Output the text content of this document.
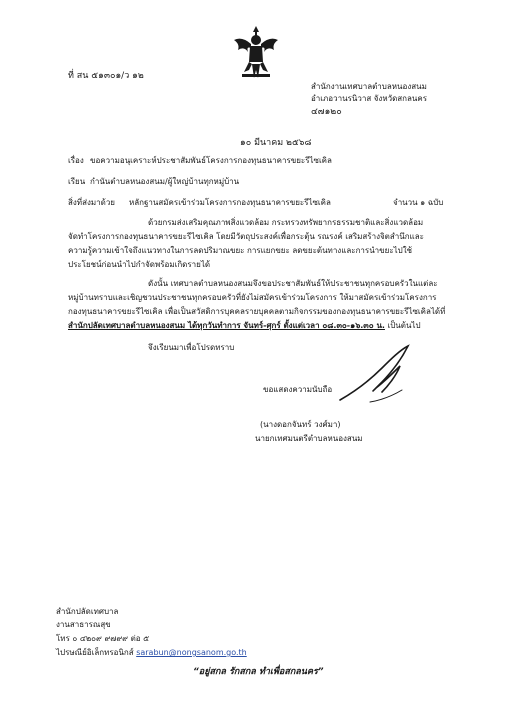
ที่ สน ๕๑๓๐๑/ว ๑๒
สำนักงานเทศบาลตำบลหนองสนม
อำเภอวานรนิวาส จังหวัดสกลนคร
๔๗๑๒๐
๑๐ มีนาคม ๒๕๖๘
เรื่อง ขอความอนุเคราะห์ประชาสัมพันธ์โครงการกองทุนธนาคารขยะรีไซเคิล
เรียน กำนันตำบลหนองสนม/ผู้ใหญ่บ้านทุกหมู่บ้าน
สิ่งที่ส่งมาด้วย หลักฐานสมัครเข้าร่วมโครงการกองทุนธนาคารขยะรีไซเคิล	จำนวน ๑ ฉบับ
ด้วยกรมส่งเสริมคุณภาพสิ่งแวดล้อม กระทรวงทรัพยากรธรรมชาติและสิ่งแวดล้อม
จัดทำโครงการกองทุนธนาคารขยะรีไซเคิล โดยมีวัตถุประสงค์เพื่อกระตุ้น รณรงค์ เสริมสร้างจิตสำนึกและ
ความรู้ความเข้าใจถึงแนวทางในการลดปริมาณขยะ การแยกขยะ ลดขยะต้นทางและการนำขยะไปใช้
ประโยชน์ก่อนนำไปกำจัดพร้อมเกิดรายได้
ดังนั้น เทศบาลตำบลหนองสนมจึงขอประชาสัมพันธ์ให้ประชาชนทุกครอบครัวในแต่ละ
หมู่บ้านทราบและเชิญชวนประชาชนทุกครอบครัวที่ยังไม่สมัครเข้าร่วมโครงการ ให้มาสมัครเข้าร่วมโครงการ
กองทุนธนาคารขยะรีไซเคิล เพื่อเป็นสวัสดิการบุคคลรายบุคคลตามกิจกรรมของกองทุนธนาคารขยะรีไซเคิลได้ที่
สำนักปลัดเทศบาลตำบลหนองสนม ได้ทุกวันทำการ จันทร์-ศุกร์ ตั้งแต่เวลา ๐๘.๓๐-๑๖.๓๐ น. เป็นต้นไป
จึงเรียนมาเพื่อโปรดทราบ
ขอแสดงความนับถือ
(นางดอกจันทร์ วงศ์มา)
นายกเทศมนตรีตำบลหนองสนม
สำนักปลัดเทศบาล
งานสาธารณสุข
โทร ๐ ๔๒๐๙ ๙๗๙๙ ต่อ ๕
ไปรษณีย์อิเล็กทรอนิกส์ sarabun@nongsanom.go.th
“อยู่สกล รักสกล ทำเพื่อสกลนคร”
